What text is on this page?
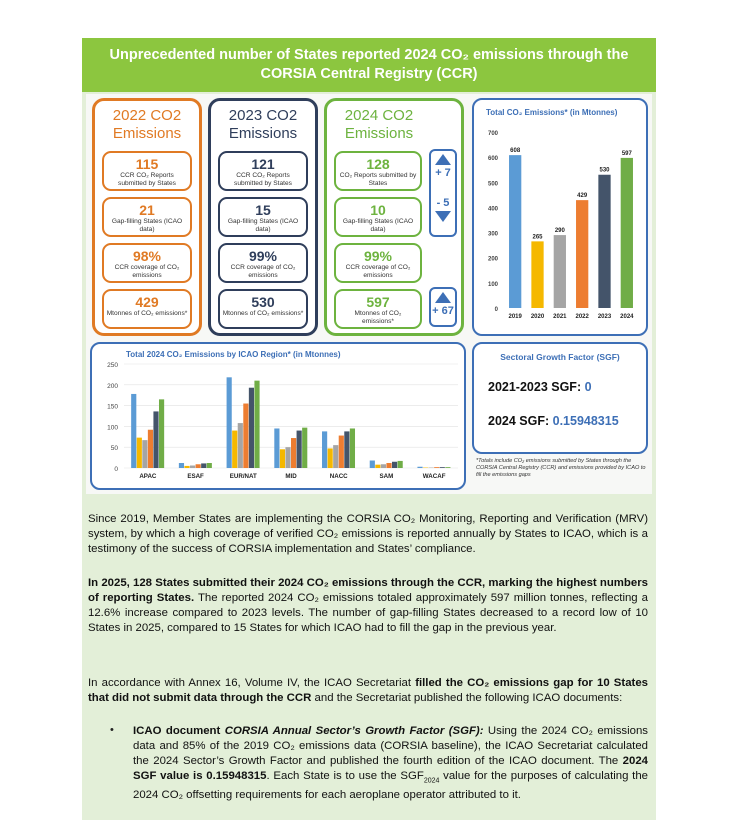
Unprecedented number of States reported 2024 CO₂ emissions through the
CORSIA Central Registry (CCR)
2022 CO2
Emissions
115
CCR CO₂ Reports submitted by States
21
Gap-filling States (ICAO data)
98%
CCR coverage of CO₂ emissions
429
Mtonnes of CO₂ emissions*
2023 CO2
Emissions
121
CCR CO₂ Reports submitted by States
15
Gap-filling States (ICAO data)
99%
CCR coverage of CO₂ emissions
530
Mtonnes of CO₂ emissions*
2024 CO2
Emissions
128
CO₂ Reports submitted by States
10
Gap-filling States (ICAO data)
99%
CCR coverage of CO₂ emissions
597
Mtonnes of CO₂ emissions*
+ 7
- 5
+ 67
Total CO₂ Emissions* (in Mtonnes)
0
100
200
300
400
500
600
700
608
2019
265
2020
290
2021
429
2022
530
2023
597
2024
Total 2024 CO₂ Emissions by ICAO Region* (in Mtonnes)
0
50
100
150
200
250
APAC	ESAF	EUR/NAT	MID	NACC	SAM	WACAF
Sectoral Growth Factor (SGF)
2021-2023 SGF: 0
2024 SGF: 0.15948315
*Totals include CO₂ emissions submitted by States through the CORSIA Central Registry (CCR) and emissions provided by ICAO to fill the emissions gaps

Since 2019, Member States are implementing the CORSIA CO₂ Monitoring, Reporting and Verification (MRV) system, by which a high coverage of verified CO₂ emissions is reported annually by States to ICAO, which is a testimony of the success of CORSIA implementation and States’ compliance.

In 2025, 128 States submitted their 2024 CO₂ emissions through the CCR, marking the highest numbers of reporting States. The reported 2024 CO₂ emissions totaled approximately 597 million tonnes, reflecting a 12.6% increase compared to 2023 levels. The number of gap-filling States decreased to a record low of 10 States in 2025, compared to 15 States for which ICAO had to fill the gap in the previous year.

In accordance with Annex 16, Volume IV, the ICAO Secretariat filled the CO₂ emissions gap for 10 States that did not submit data through the CCR and the Secretariat published the following ICAO documents:

• ICAO document CORSIA Annual Sector’s Growth Factor (SGF): Using the 2024 CO₂ emissions data and 85% of the 2019 CO₂ emissions data (CORSIA baseline), the ICAO Secretariat calculated the 2024 Sector’s Growth Factor and published the fourth edition of the ICAO document. The 2024 SGF value is 0.15948315. Each State is to use the $SGF_{2024}$ value for the purposes of calculating the 2024 CO₂ offsetting requirements for each aeroplane operator attributed to it.
